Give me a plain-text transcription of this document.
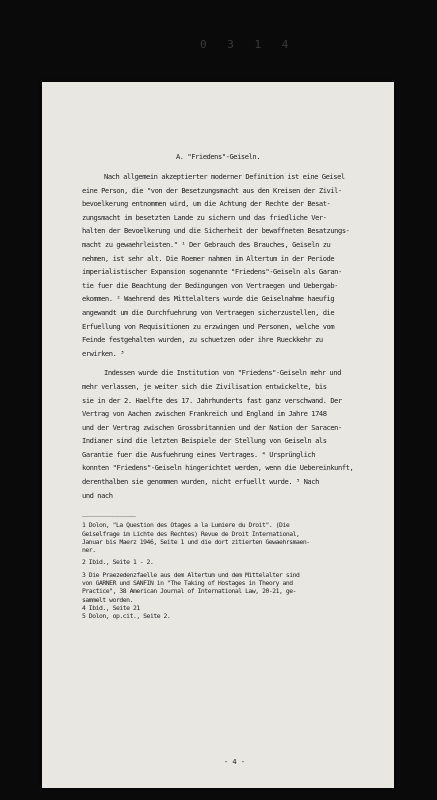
0 3 1 4
A. "Friedens"-Geiseln.
Nach allgemein akzeptierter moderner Definition ist eine Geisel
eine Person, die "von der Besetzungsmacht aus den Kreisen der Zivil-
bevoelkerung entnommen wird, um die Achtung der Rechte der Besat-
zungsmacht im besetzten Lande zu sichern und das friedliche Ver-
halten der Bevoelkerung und die Sicherheit der bewaffneten Besatzungs-
macht zu gewaehrleisten." ¹ Der Gebrauch des Brauches, Geiseln zu
nehmen, ist sehr alt. Die Roemer nahmen im Altertum in der Periode
imperialistischer Expansion sogenannte "Friedens"-Geiseln als Garan-
tie fuer die Beachtung der Bedingungen von Vertraegen und Uebergab-
ekommen. ² Waehrend des Mittelalters wurde die Geiselnahme haeufig
angewandt um die Durchfuehrung von Vertraegen sicherzustellen, die
Erfuellung von Requisitionen zu erzwingen und Personen, welche vom
Feinde festgehalten wurden, zu schuetzen oder ihre Rueckkehr zu
erwirken. ³
Indessen wurde die Institution von "Friedens"-Geiseln mehr und
mehr verlassen, je weiter sich die Zivilisation entwickelte, bis
sie in der 2. Haelfte des 17. Jahrhunderts fast ganz verschwand. Der
Vertrag von Aachen zwischen Frankreich und England im Jahre 1748
und der Vertrag zwischen Grossbritannien und der Nation der Saracen-
Indianer sind die letzten Beispiele der Stellung von Geiseln als
Garantie fuer die Ausfuehrung eines Vertrages. ⁴ Ursprünglich
konnten "Friedens"-Geiseln hingerichtet werden, wenn die Uebereinkunft,
derenthalben sie genommen wurden, nicht erfuellt wurde. ⁵ Nach
und nach
______________
1 Dolon, "La Question des Otages a la Lumiere du Droit". (Die
Geiselfrage im Lichte des Rechtes) Revue de Droit International,
Januar bis Maerz 1946, Seite 1 und die dort zitierten Gewaehrsmaen-
ner.
2 Ibid., Seite 1 - 2.
3 Die Praezedenzfaelle aus dem Altertum und dem Mittelalter sind
von GARNER und SANFIN in "The Taking of Hostages in Theory and
Practice", 38 American Journal of International Law, 20-21, ge-
sammelt worden.
4 Ibid., Seite 21
5 Dolon, op.cit., Seite 2.
- 4 -
